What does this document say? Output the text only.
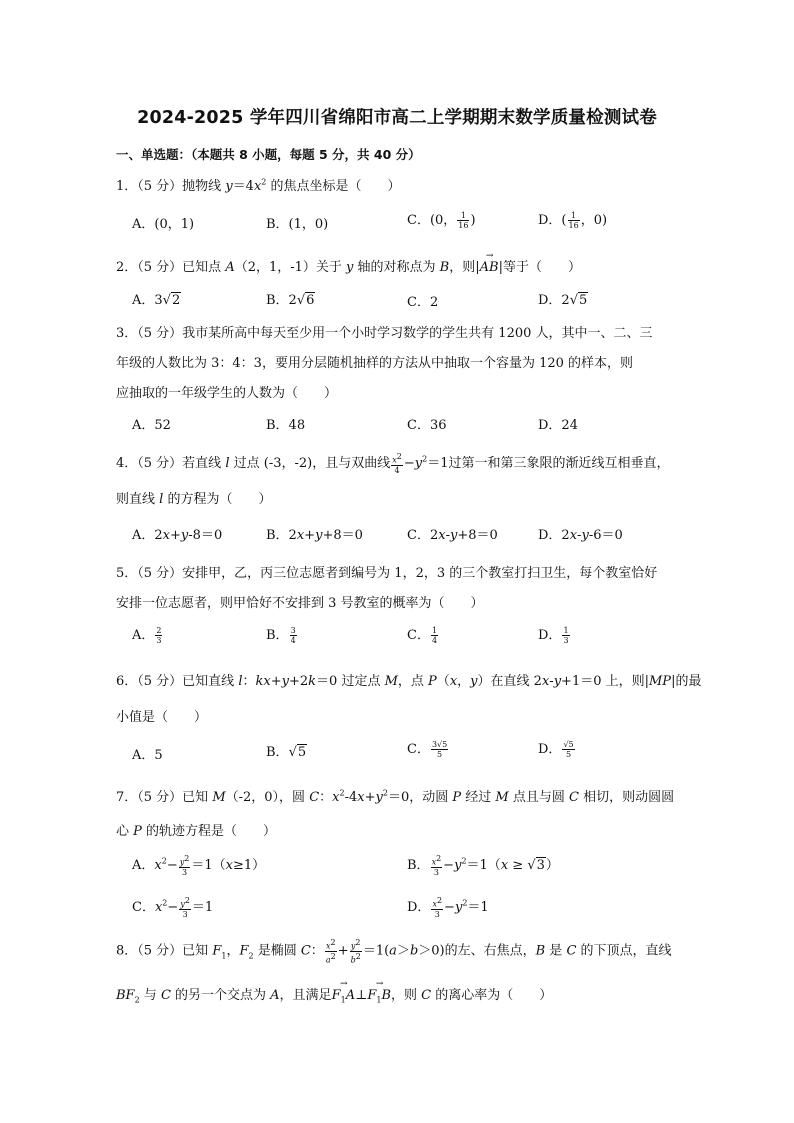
2024-2025 学年四川省绵阳市高二上学期期末数学质量检测试卷
一、单选题：（本题共 8 小题，每题 5 分，共 40 分）
1．（5 分）抛物线 $y=4x^2$ 的焦点坐标是（　　）
A．(0，1)	B．(1，0)	C．(0， $\frac{1}{16}$ )	D．( $\frac{1}{16}$ ，0)
2．（5 分）已知点 A（2，1，-1）关于 y 轴的对称点为 B，则|→ AB|等于（　　）
A．3√2	B．2√6	C．2	D．2√5
3．（5 分）我市某所高中每天至少用一个小时学习数学的学生共有 1200 人，其中一、二、三
年级的人数比为 3：4：3，要用分层随机抽样的方法从中抽取一个容量为 120 的样本，则
应抽取的一年级学生的人数为（　　）
A．52	B．48	C．36	D．24
4．（5 分）若直线 l 过点 (-3，-2)，且与双曲线 $\frac{x^2}{4} -y^2=1$过第一和第三象限的渐近线互相垂直，
则直线 l 的方程为（　　）
A．2x+y-8＝0	B．2x+y+8＝0	C．2x-y+8＝0	D．2x-y-6＝0
5．（5 分）安排甲，乙，丙三位志愿者到编号为 1，2，3 的三个教室打扫卫生，每个教室恰好
安排一位志愿者，则甲恰好不安排到 3 号教室的概率为（　　）
A． $\frac{2}{3}$	B． $\frac{3}{4}$	C． $\frac{1}{4}$	D． $\frac{1}{3}$
6．（5 分）已知直线 l：kx+y+2k＝0 过定点 M，点 P（x，y）在直线 2x-y+1＝0 上，则|MP|的最
小值是（　　）
A．5	B．√5	C． $\frac{3√5}{5}$	D． $\frac{√5}{5}$
7．（5 分）已知 M（-2，0），圆 C：$x^2-4x+y^2=0$，动圆 P 经过 M 点且与圆 C 相切，则动圆圆
心 P 的轨迹方程是（　　）
A．$x^2- \frac{y^2}{3} =1(x\ge 1)$	B． $\frac{x^2}{3} -y^2=1(x \ge √3)$
C．$x^2- \frac{y^2}{3} =1$	D． $\frac{x^2}{3} -y^2=1$
8．（5 分）已知 $F_1$，$F_2$ 是椭圆 C： $\frac{x^2}{a^2} + \frac{y^2}{b^2} =1(a>b>0)$的左、右焦点，B 是 C 的下顶点，直线
$BF_2$ 与 C 的另一个交点为 A，且满足→ $F_1A\perp\to F_1B$，则 C 的离心率为（　　）
